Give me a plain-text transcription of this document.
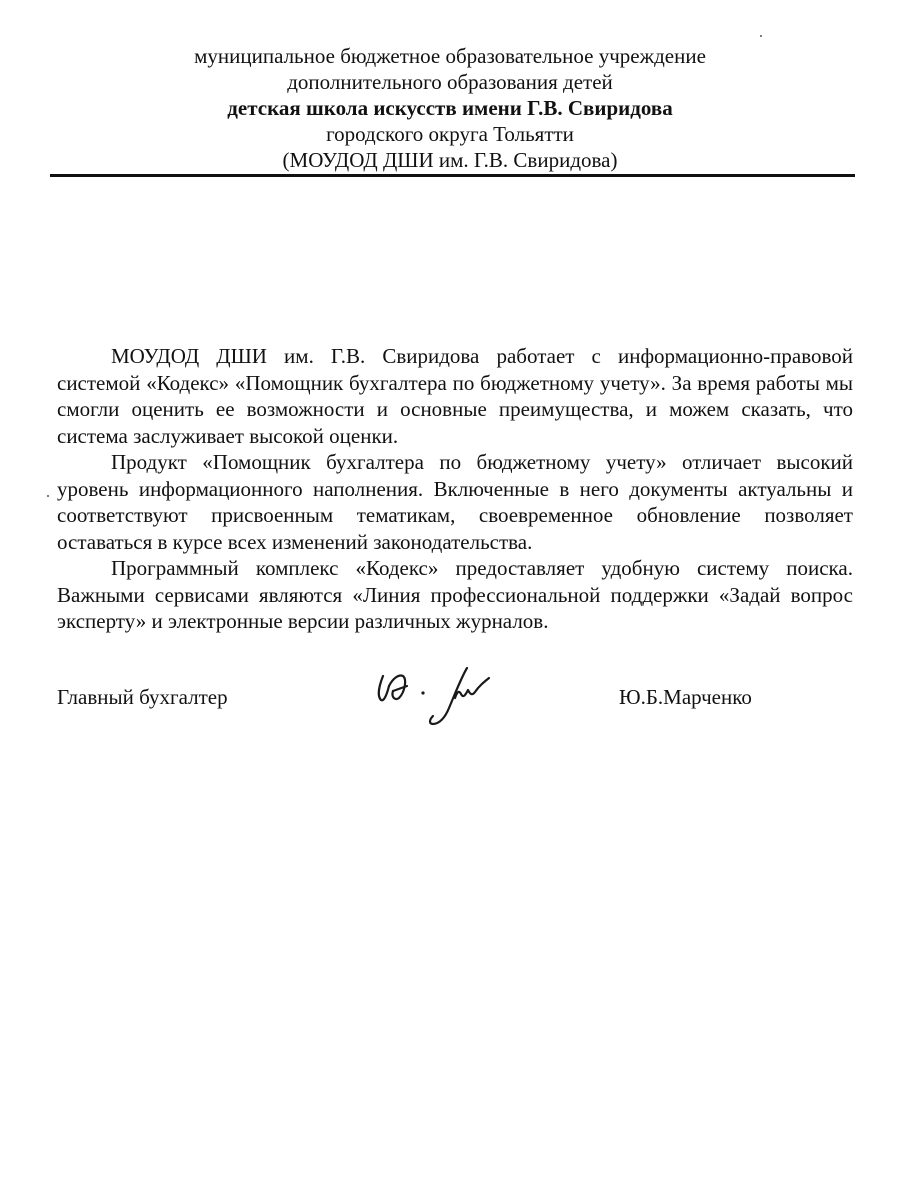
муниципальное бюджетное образовательное учреждение
дополнительного образования детей
детская школа искусств имени Г.В. Свиридова
городского округа Тольятти
(МОУДОД ДШИ им. Г.В. Свиридова)

МОУДОД ДШИ им. Г.В. Свиридова работает с информационно-правовой системой «Кодекс» «Помощник бухгалтера по бюджетному учету». За время работы мы смогли оценить ее возможности и основные преимущества, и можем сказать, что система заслуживает высокой оценки.

Продукт «Помощник бухгалтера по бюджетному учету» отличает высокий уровень информационного наполнения. Включенные в него документы актуальны и соответствуют присвоенным тематикам, своевременное обновление позволяет оставаться в курсе всех изменений законодательства.

Программный комплекс «Кодекс» предоставляет удобную систему поиска. Важными сервисами являются «Линия профессиональной поддержки «Задай вопрос эксперту» и электронные версии различных журналов.

Главный бухгалтер	Ю.Б.Марченко
